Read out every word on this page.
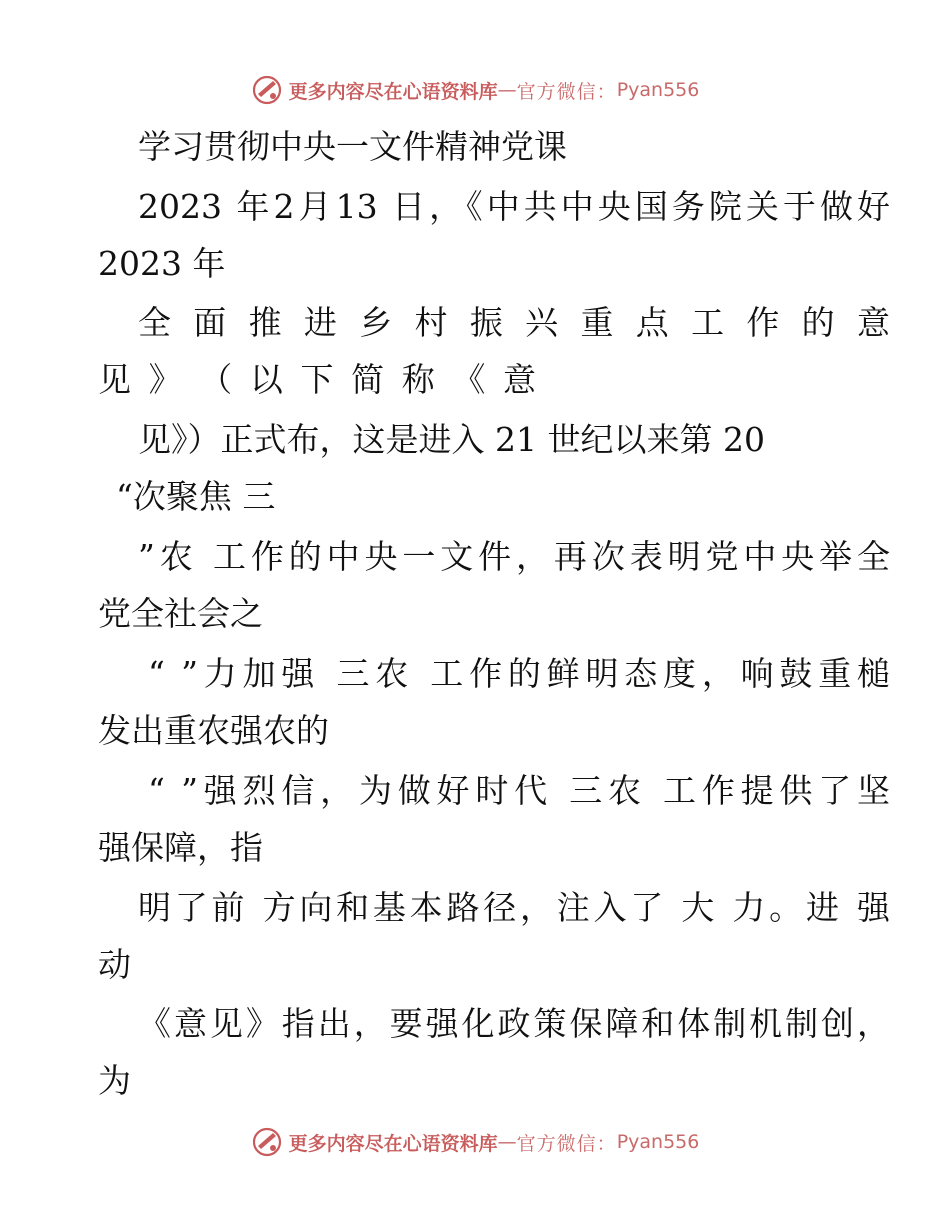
更多内容尽在心语资料库 — 官方微信： Pyan556
学习贯彻中央一文件精神党课
2023 年2月13 日，《中共中央国务院关于做好
2023 年
全 面 推 进 乡 村 振 兴 重 点 工 作 的 意
见 》 （ 以 下 简 称 《 意
见》）正式布，这是进入 21 世纪以来第 20
“次聚焦 三
”农 工作的中央一文件，再次表明党中央举全
党全社会之
“ ”力加强 三农 工作的鲜明态度，响鼓重槌
发出重农强农的
“ ”强烈信，为做好时代 三农 工作提供了坚
强保障，指
明了前 方向和基本路径，注入了 大 力。进 强
动
《意见》指出，要强化政策保障和体制机制创，
为
更多内容尽在心语资料库 — 官方微信： Pyan556
